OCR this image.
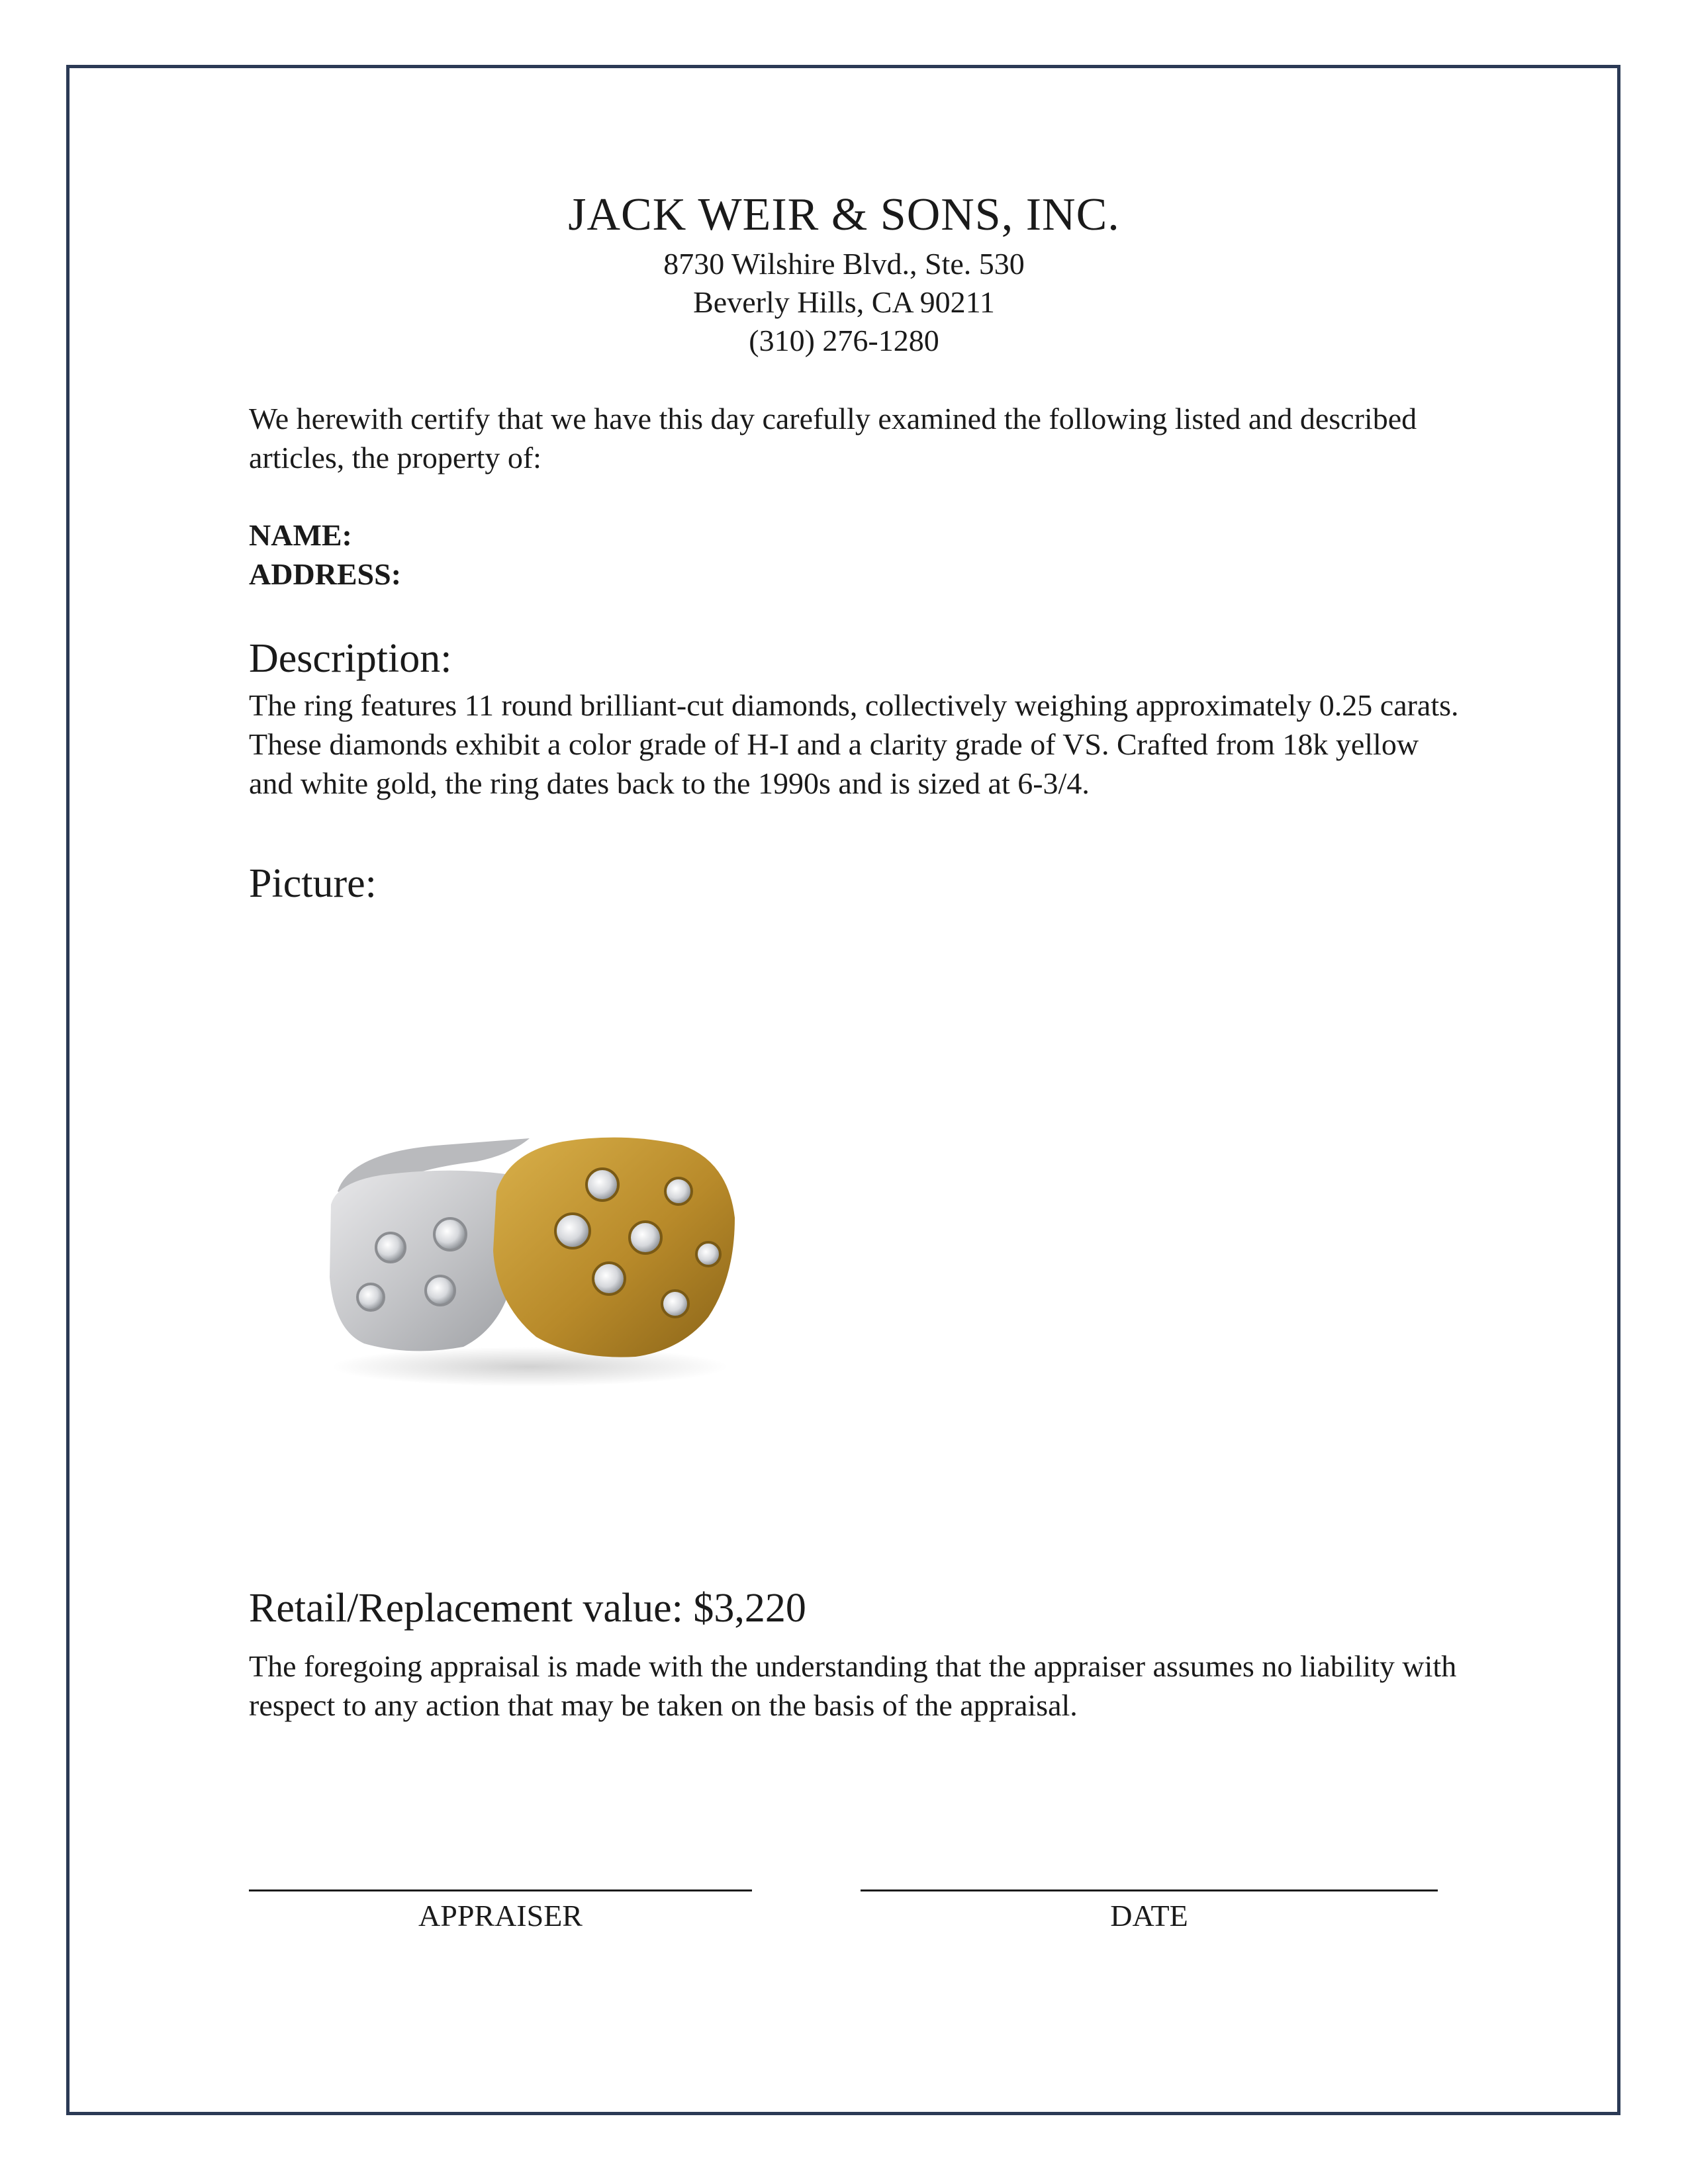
JACK WEIR & SONS, INC.
8730 Wilshire Blvd., Ste. 530
Beverly Hills, CA 90211
(310) 276-1280

We herewith certify that we have this day carefully examined the following listed and described articles, the property of:

NAME:
ADDRESS:
Description:

The ring features 11 round brilliant-cut diamonds, collectively weighing approximately 0.25 carats. These diamonds exhibit a color grade of H-I and a clarity grade of VS. Crafted from 18k yellow and white gold, the ring dates back to the 1990s and is sized at 6-3/4.

Picture:
Retail/Replacement value: $3,220

The foregoing appraisal is made with the understanding that the appraiser assumes no liability with respect to any action that may be taken on the basis of the appraisal.

APPRAISER	DATE
